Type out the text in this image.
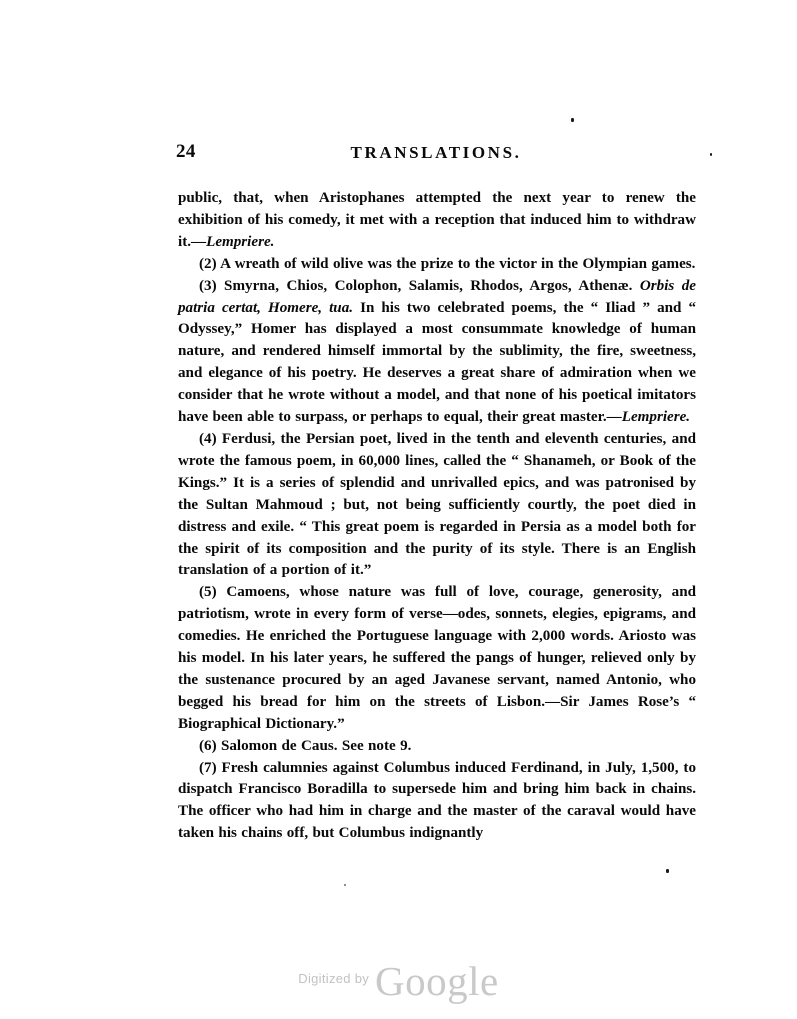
24	TRANSLATIONS.

public, that, when Aristophanes attempted the next year to renew the exhibition of his comedy, it met with a reception that induced him to withdraw it.—Lempriere.

(2) A wreath of wild olive was the prize to the victor in the Olympian games.

(3) Smyrna, Chios, Colophon, Salamis, Rhodos, Argos, Athenæ. Orbis de patria certat, Homere, tua. In his two celebrated poems, the “ Iliad ” and “ Odyssey,” Homer has displayed a most consummate knowledge of human nature, and rendered himself immortal by the sublimity, the fire, sweetness, and elegance of his poetry. He deserves a great share of admiration when we consider that he wrote without a model, and that none of his poetical imitators have been able to surpass, or perhaps to equal, their great master.—Lempriere.

(4) Ferdusi, the Persian poet, lived in the tenth and eleventh centuries, and wrote the famous poem, in 60,000 lines, called the “ Shanameh, or Book of the Kings.” It is a series of splendid and unrivalled epics, and was patronised by the Sultan Mahmoud ; but, not being sufficiently courtly, the poet died in distress and exile. “ This great poem is regarded in Persia as a model both for the spirit of its composition and the purity of its style. There is an English translation of a portion of it.”

(5) Camoens, whose nature was full of love, courage, generosity, and patriotism, wrote in every form of verse—odes, sonnets, elegies, epigrams, and comedies. He enriched the Portuguese language with 2,000 words. Ariosto was his model. In his later years, he suffered the pangs of hunger, relieved only by the sustenance procured by an aged Javanese servant, named Antonio, who begged his bread for him on the streets of Lisbon.—Sir James Rose’s “ Biographical Dictionary.”

(6) Salomon de Caus. See note 9.

(7) Fresh calumnies against Columbus induced Ferdinand, in July, 1,500, to dispatch Francisco Boradilla to supersede him and bring him back in chains. The officer who had him in charge and the master of the caraval would have taken his chains off, but Columbus indignantly

$^{Digitized by}$ Google
